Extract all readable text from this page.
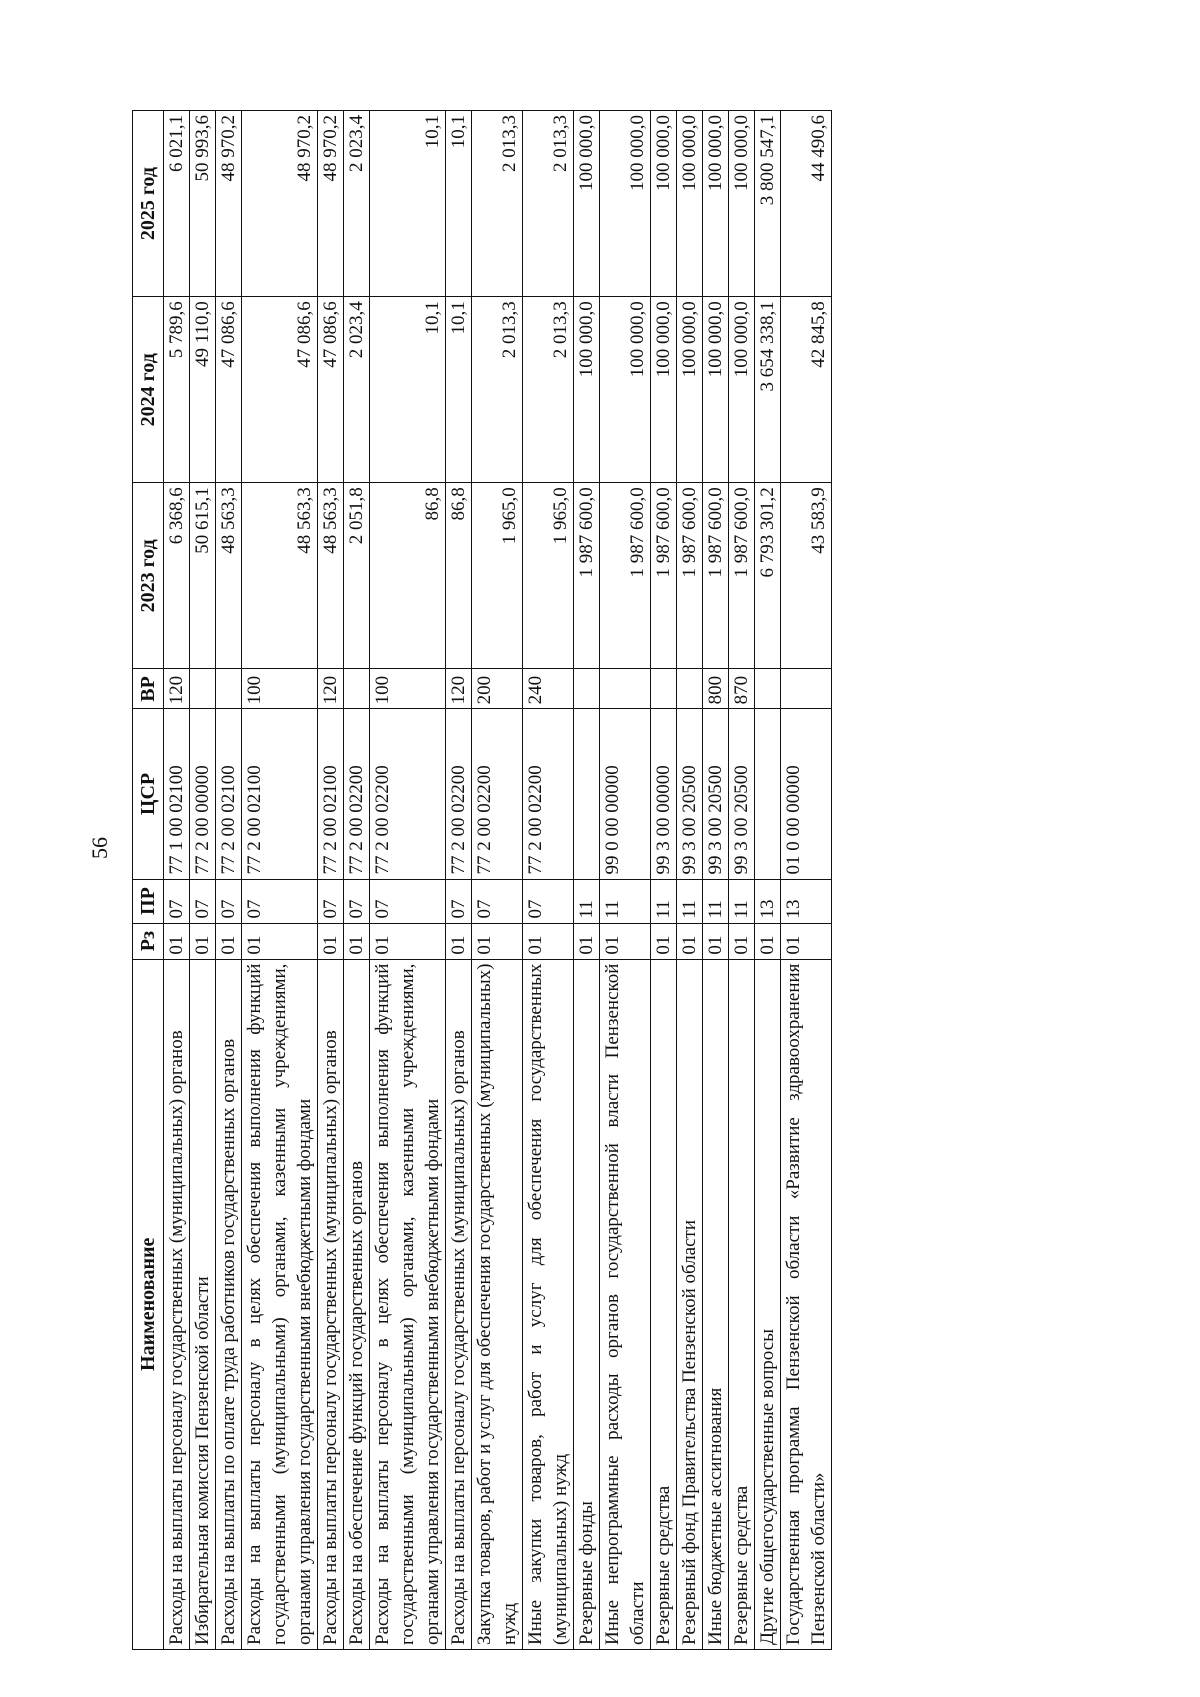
56
Наименование	Рз	ПР	ЦСР	ВР	2023 год	2024 год	2025 год
Расходы на выплаты персоналу государственных (муниципальных) органов	01	07	77 1 00 02100	120	6 368,6	5 789,6	6 021,1
Избирательная комиссия Пензенской области	01	07	77 2 00 00000		50 615,1	49 110,0	50 993,6
Расходы на выплаты по оплате труда работников государственных органов	01	07	77 2 00 02100		48 563,3	47 086,6	48 970,2
Расходы на выплаты персоналу в целях обеспечения выполнения функций государственными (муниципальными) органами, казенными учреждениями, органами управления государственными внебюджетными фондами	01	07	77 2 00 02100	100	48 563,3	47 086,6	48 970,2
Расходы на выплаты персоналу государственных (муниципальных) органов	01	07	77 2 00 02100	120	48 563,3	47 086,6	48 970,2
Расходы на обеспечение функций государственных органов	01	07	77 2 00 02200		2 051,8	2 023,4	2 023,4
Расходы на выплаты персоналу в целях обеспечения выполнения функций государственными (муниципальными) органами, казенными учреждениями, органами управления государственными внебюджетными фондами	01	07	77 2 00 02200	100	86,8	10,1	10,1
Расходы на выплаты персоналу государственных (муниципальных) органов	01	07	77 2 00 02200	120	86,8	10,1	10,1
Закупка товаров, работ и услуг для обеспечения государственных (муниципальных) нужд	01	07	77 2 00 02200	200	1 965,0	2 013,3	2 013,3
Иные закупки товаров, работ и услуг для обеспечения государственных (муниципальных) нужд	01	07	77 2 00 02200	240	1 965,0	2 013,3	2 013,3
Резервные фонды	01	11			1 987 600,0	100 000,0	100 000,0
Иные непрограммные расходы органов государственной власти Пензенской области	01	11	99 0 00 00000		1 987 600,0	100 000,0	100 000,0
Резервные средства	01	11	99 3 00 00000		1 987 600,0	100 000,0	100 000,0
Резервный фонд Правительства Пензенской области	01	11	99 3 00 20500		1 987 600,0	100 000,0	100 000,0
Иные бюджетные ассигнования	01	11	99 3 00 20500	800	1 987 600,0	100 000,0	100 000,0
Резервные средства	01	11	99 3 00 20500	870	1 987 600,0	100 000,0	100 000,0
Другие общегосударственные вопросы	01	13			6 793 301,2	3 654 338,1	3 800 547,1
Государственная программа Пензенской области «Развитие здравоохранения Пензенской области»	01	13	01 0 00 00000		43 583,9	42 845,8	44 490,6
